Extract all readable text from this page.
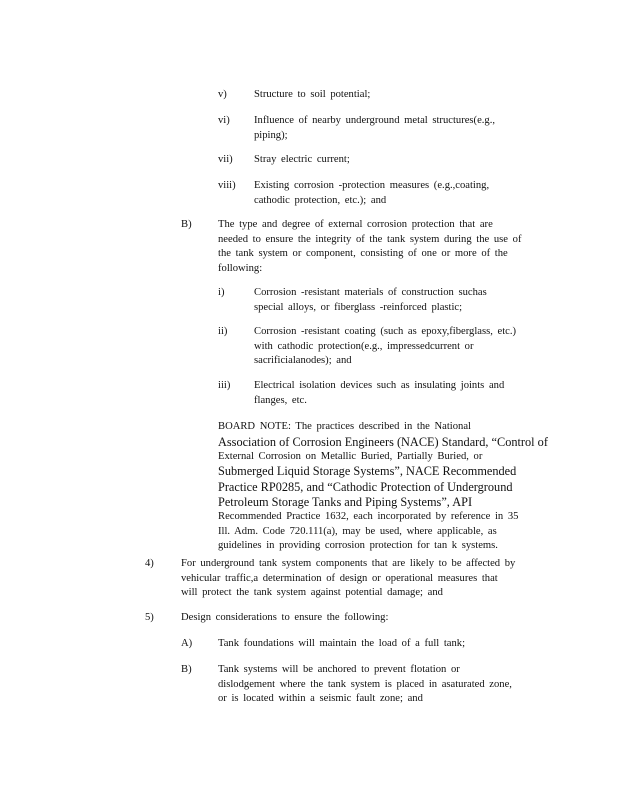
v)	Structure to soil potential;
vi) Influence of nearby underground metal structures(e.g.,
piping);
vii) Stray electric current;
viii) Existing corrosion -protection measures (e.g.,coating,
cathodic protection, etc.); and
B) The type and degree of external corrosion protection that are
needed to ensure the integrity of the tank system during the use of
the tank system or component, consisting of one or more of the
following:
i)	Corrosion -resistant materials of construction suchas
special alloys, or fiberglass -reinforced plastic;
ii)	Corrosion -resistant coating (such as epoxy,fiberglass, etc.)
with cathodic protection(e.g., impressedcurrent or
sacrificialanodes); and
iii) Electrical isolation devices such as insulating joints and
flanges, etc.
BOARD NOTE: The practices described in the National
Association of Corrosion Engineers (NACE) Standard, “Control of
External Corrosion on Metallic Buried, Partially Buried, or
Submerged Liquid Storage Systems”, NACE Recommended
Practice RP0285, and “Cathodic Protection of Underground
Petroleum Storage Tanks and Piping Systems”, API
Recommended Practice 1632, each incorporated by reference in 35
Ill. Adm. Code 720.111(a), may be used, where applicable, as
guidelines in providing corrosion protection for tan k systems.
4)	For underground tank system components that are likely to be affected by
vehicular traffic,a determination of design or operational measures that
will protect the tank system against potential damage; and
5)	Design considerations to ensure the following:
A) Tank foundations will maintain the load of a full tank;
B) Tank systems will be anchored to prevent flotation or
dislodgement where the tank system is placed in asaturated zone,
or is located within a seismic fault zone; and
